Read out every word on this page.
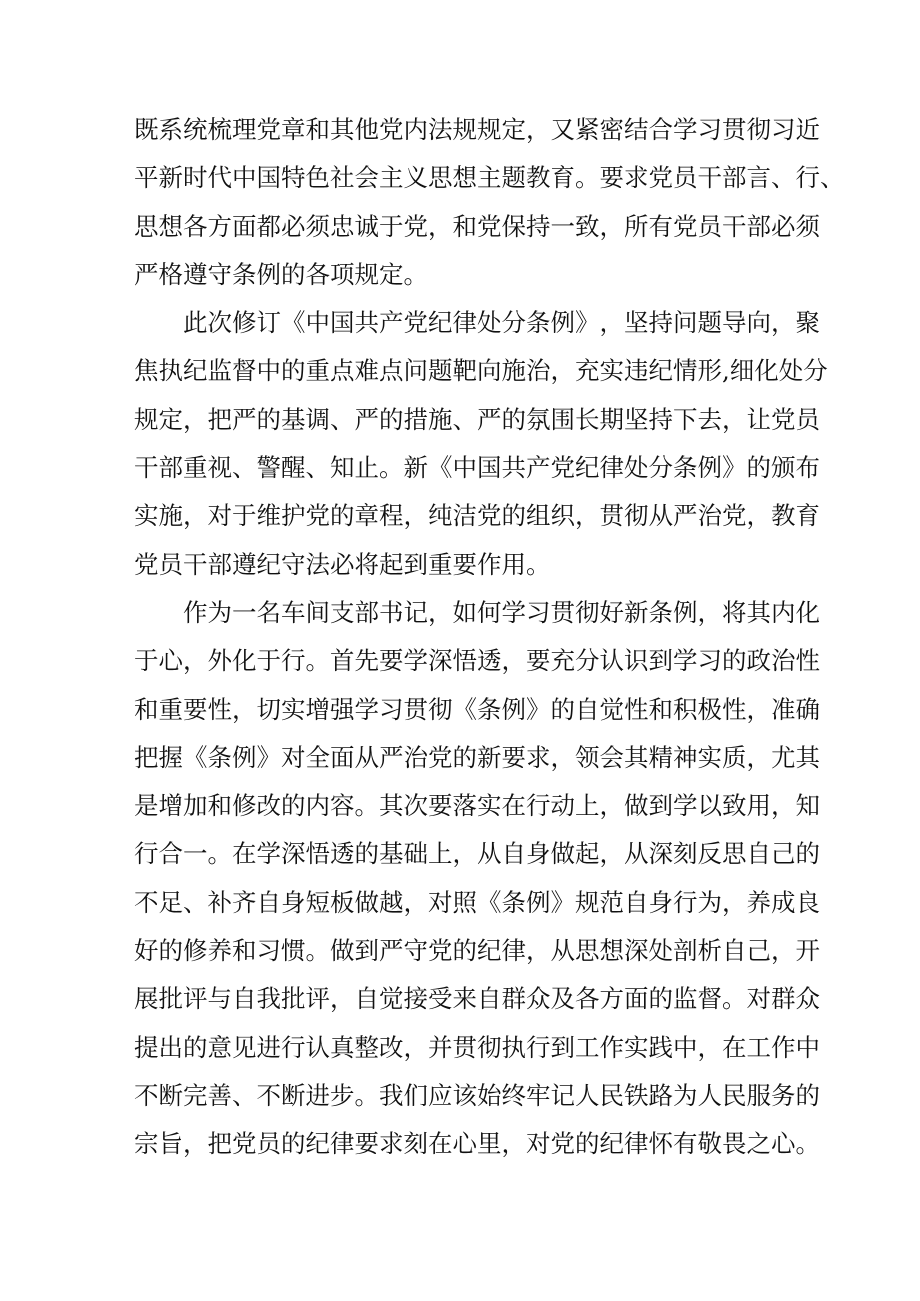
既 系 统 梳 理 党 章 和 其 他 党 内 法 规 规 定 ， 又 紧 密 结 合 学 习 贯 彻 习 近
平 新 时 代 中 国 特 色 社 会 主 义 思 想 主 题 教 育 。 要 求 党 员 干 部 言 、 行 、
思 想 各 方 面 都 必 须 忠 诚 于 党 ， 和 党 保 持 一 致 ， 所 有 党 员 干 部 必 须
严格遵守条例的各项规定。
此 次 修 订 《 中 国 共 产 党 纪 律 处 分 条 例 》 ， 坚 持 问 题 导 向 ， 聚
焦 执 纪 监 督 中 的 重 点 难 点 问 题 靶 向 施 治 ， 充 实 违 纪 情 形 , 细 化 处 分
规 定 ， 把 严 的 基 调 、 严 的 措 施 、 严 的 氛 围 长 期 坚 持 下 去 ， 让 党 员
干 部 重 视 、 警 醒 、 知 止 。 新 《 中 国 共 产 党 纪 律 处 分 条 例 》 的 颁 布
实 施 ， 对 于 维 护 党 的 章 程 ， 纯 洁 党 的 组 织 ， 贯 彻 从 严 治 党 ， 教 育
党员干部遵纪守法必将起到重要作用。
作 为 一 名 车 间 支 部 书 记 ， 如 何 学 习 贯 彻 好 新 条 例 ， 将 其 内 化
于 心 ， 外 化 于 行 。 首 先 要 学 深 悟 透 ， 要 充 分 认 识 到 学 习 的 政 治 性
和 重 要 性 ， 切 实 增 强 学 习 贯 彻 《 条 例 》 的 自 觉 性 和 积 极 性 ， 准 确
把 握 《 条 例 》 对 全 面 从 严 治 党 的 新 要 求 ， 领 会 其 精 神 实 质 ， 尤 其
是 增 加 和 修 改 的 内 容 。 其 次 要 落 实 在 行 动 上 ， 做 到 学 以 致 用 ， 知
行 合 一 。 在 学 深 悟 透 的 基 础 上 ， 从 自 身 做 起 ， 从 深 刻 反 思 自 己 的
不 足 、 补 齐 自 身 短 板 做 越 ， 对 照 《 条 例 》 规 范 自 身 行 为 ， 养 成 良
好 的 修 养 和 习 惯 。 做 到 严 守 党 的 纪 律 ， 从 思 想 深 处 剖 析 自 己 ， 开
展 批 评 与 自 我 批 评 ， 自 觉 接 受 来 自 群 众 及 各 方 面 的 监 督 。 对 群 众
提 出 的 意 见 进 行 认 真 整 改 ， 并 贯 彻 执 行 到 工 作 实 践 中 ， 在 工 作 中
不 断 完 善 、 不 断 进 步 。 我 们 应 该 始 终 牢 记 人 民 铁 路 为 人 民 服 务 的
宗旨，把党员的纪律要求刻在心里，对党的纪律怀有敬畏之心。
